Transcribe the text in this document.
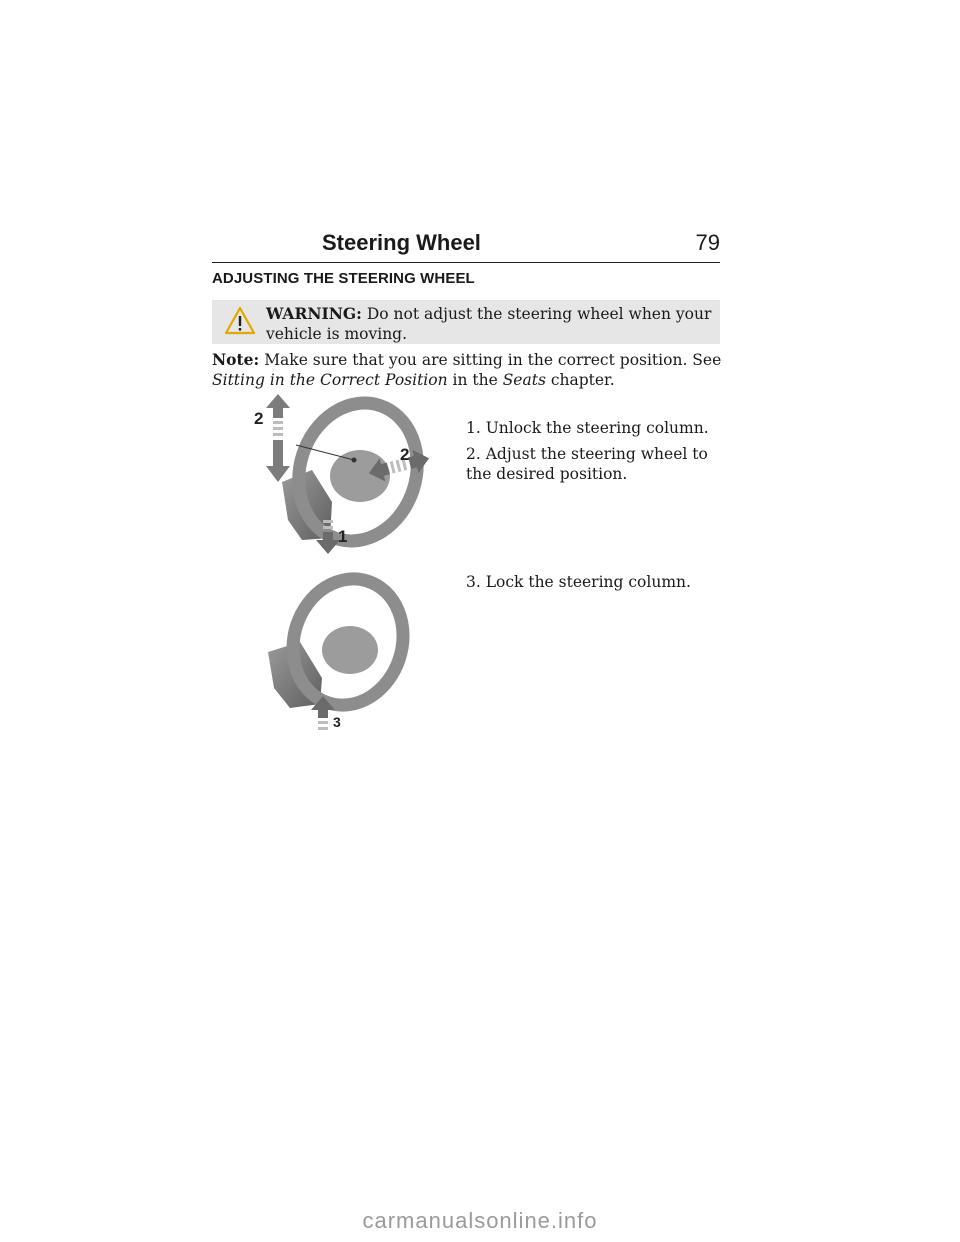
Steering Wheel	79
ADJUSTING THE STEERING WHEEL
WARNING: Do not adjust the steering wheel when your vehicle is moving.
Note: Make sure that you are sitting in the correct position. See Sitting in the Correct Position in the Seats chapter.
1. Unlock the steering column.
2. Adjust the steering wheel to the desired position.
3. Lock the steering column.
2
2
1
3
carmanualsonline.info
